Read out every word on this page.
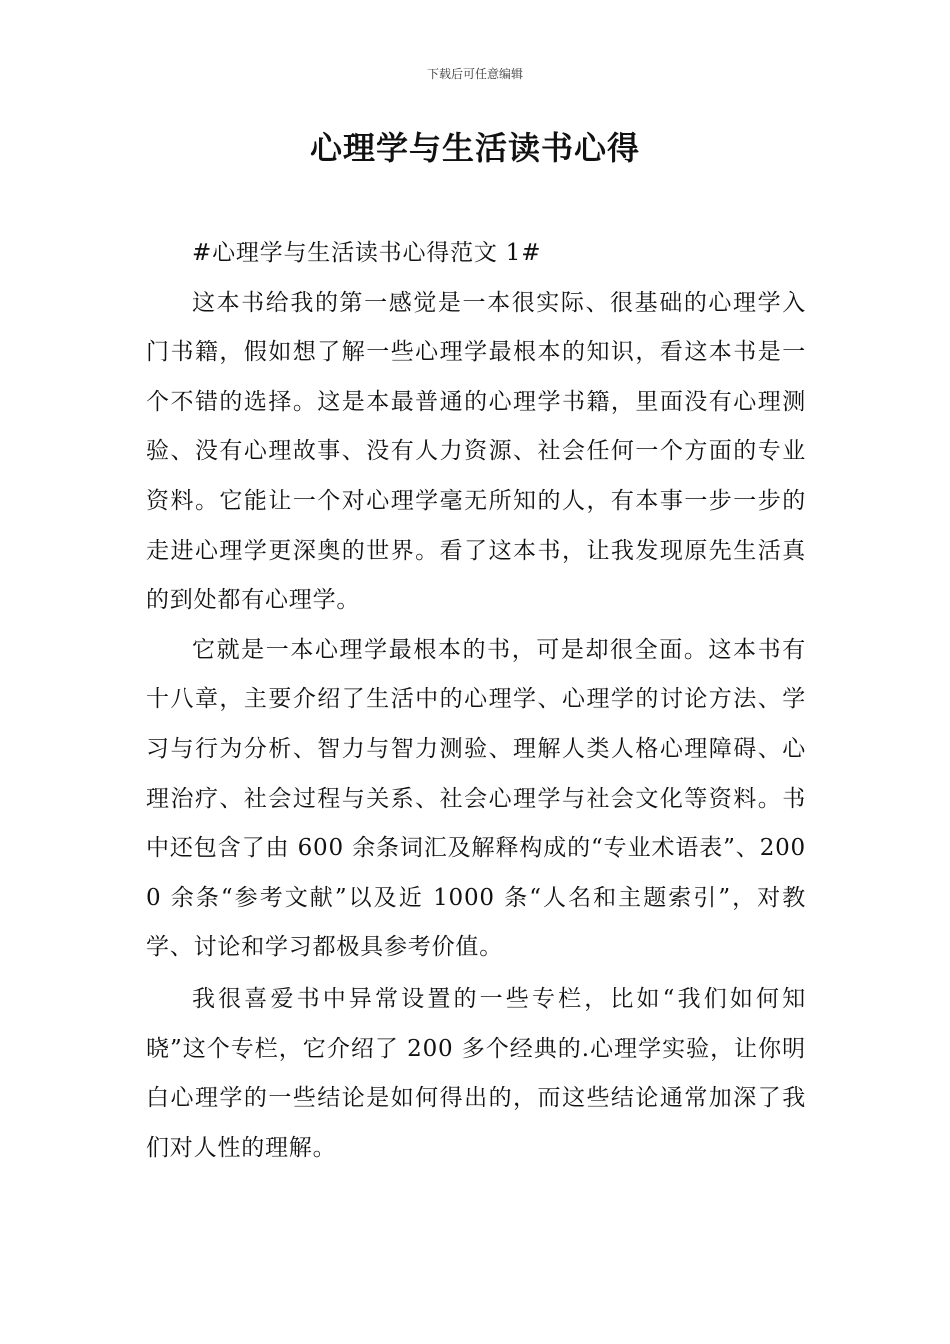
下载后可任意编辑
心理学与生活读书心得

#心理学与生活读书心得范文 1#

这本书给我的第一感觉是一本很实际、很基础的心理学入门书籍，假如想了解一些心理学最根本的知识，看这本书是一个不错的选择。这是本最普通的心理学书籍，里面没有心理测验、没有心理故事、没有人力资源、社会任何一个方面的专业资料。它能让一个对心理学毫无所知的人，有本事一步一步的走进心理学更深奥的世界。看了这本书，让我发现原先生活真的到处都有心理学。

它就是一本心理学最根本的书，可是却很全面。这本书有十八章，主要介绍了生活中的心理学、心理学的讨论方法、学习与行为分析、智力与智力测验、理解人类人格心理障碍、心理治疗、社会过程与关系、社会心理学与社会文化等资料。书中还包含了由 600 余条词汇及解释构成的“专业术语表”、2000 余条“参考文献”以及近 1000 条“人名和主题索引”，对教学、讨论和学习都极具参考价值。

我很喜爱书中异常设置的一些专栏，比如“我们如何知晓”这个专栏，它介绍了 200 多个经典的.心理学实验，让你明白心理学的一些结论是如何得出的，而这些结论通常加深了我们对人性的理解。
